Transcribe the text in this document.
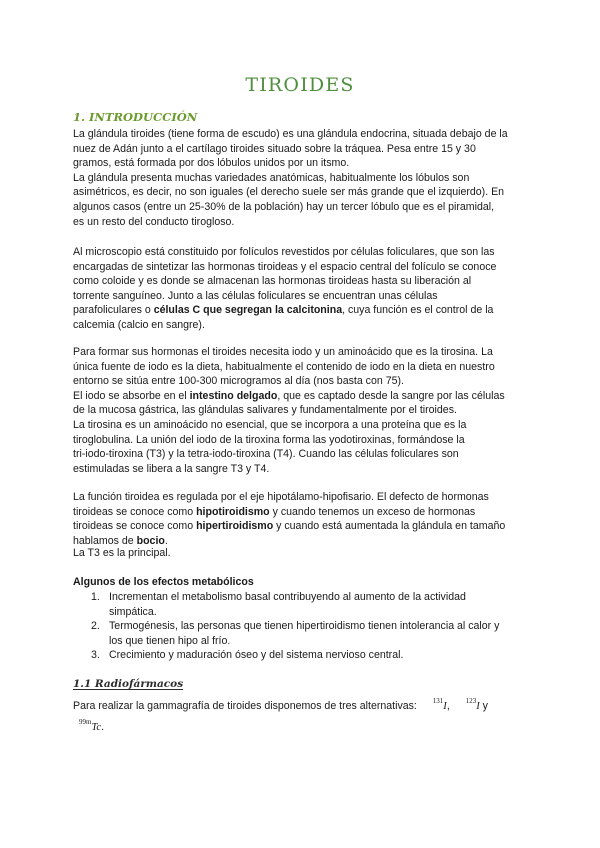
TIROIDES
1. INTRODUCCIÓN

La glándula tiroides (tiene forma de escudo) es una glándula endocrina, situada debajo de la
nuez de Adán junto a el cartílago tiroides situado sobre la tráquea. Pesa entre 15 y 30
gramos, está formada por dos lóbulos unidos por un itsmo.
La glándula presenta muchas variedades anatómicas, habitualmente los lóbulos son
asimétricos, es decir, no son iguales (el derecho suele ser más grande que el izquierdo). En
algunos casos (entre un 25-30% de la población) hay un tercer lóbulo que es el piramidal,
es un resto del conducto tirogloso.

Al microscopio está constituido por folículos revestidos por células foliculares, que son las
encargadas de sintetizar las hormonas tiroideas y el espacio central del folículo se conoce
como coloide y es donde se almacenan las hormonas tiroideas hasta su liberación al
torrente sanguíneo. Junto a las células foliculares se encuentran unas células
parafoliculares o células C que segregan la calcitonina, cuya función es el control de la
calcemia (calcio en sangre).

Para formar sus hormonas el tiroides necesita iodo y un aminoácido que es la tirosina. La
única fuente de iodo es la dieta, habitualmente el contenido de iodo en la dieta en nuestro
entorno se sitúa entre 100-300 microgramos al día (nos basta con 75).
El iodo se absorbe en el intestino delgado, que es captado desde la sangre por las células
de la mucosa gástrica, las glándulas salivares y fundamentalmente por el tiroides.
La tirosina es un aminoácido no esencial, que se incorpora a una proteína que es la
tiroglobulina. La unión del iodo de la tiroxina forma las yodotiroxinas, formándose la
tri-iodo-tiroxina (T3) y la tetra-iodo-tiroxina (T4). Cuando las células foliculares son
estimuladas se libera a la sangre T3 y T4.

La función tiroidea es regulada por el eje hipotálamo-hipofisario. El defecto de hormonas
tiroideas se conoce como hipotiroidismo y cuando tenemos un exceso de hormonas
tiroideas se conoce como hipertiroidismo y cuando está aumentada la glándula en tamaño
hablamos de bocio.

La T3 es la principal.

Algunos de los efectos metabólicos
1. Incrementan el metabolismo basal contribuyendo al aumento de la actividad
simpática.
2. Termogénesis, las personas que tienen hipertiroidismo tienen intolerancia al calor y
los que tienen hipo al frío.
3. Crecimiento y maduración óseo y del sistema nervioso central.
1.1 Radiofármacos

Para realizar la gammagrafía de tiroides disponemos de tres alternativas: $^{131}$I, $^{123}$I y
$^{99m}$Tc.
